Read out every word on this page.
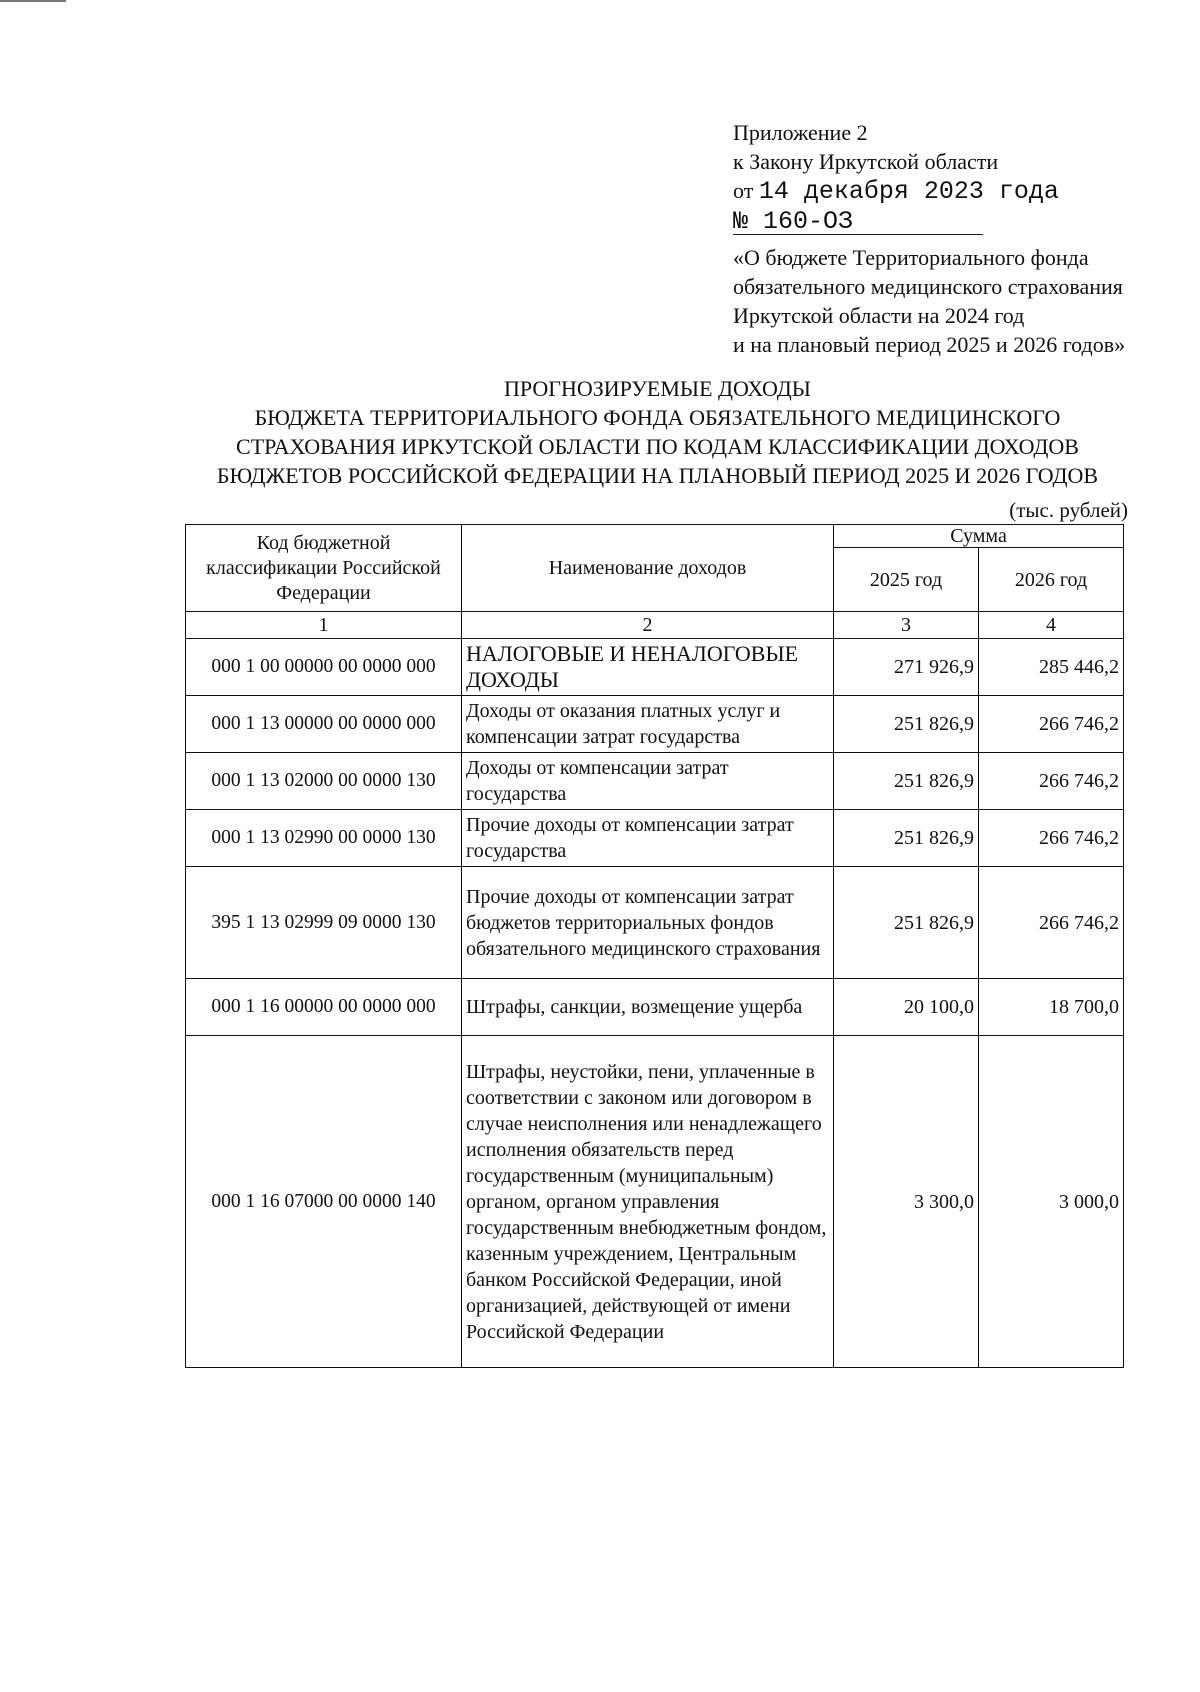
Приложение 2
к Закону Иркутской области
от 14 декабря 2023 года
№ 160-ОЗ
«О бюджете Территориального фонда
обязательного медицинского страхования
Иркутской области на 2024 год
и на плановый период 2025 и 2026 годов»
ПРОГНОЗИРУЕМЫЕ ДОХОДЫ
БЮДЖЕТА ТЕРРИТОРИАЛЬНОГО ФОНДА ОБЯЗАТЕЛЬНОГО МЕДИЦИНСКОГО
СТРАХОВАНИЯ ИРКУТСКОЙ ОБЛАСТИ ПО КОДАМ КЛАССИФИКАЦИИ ДОХОДОВ
БЮДЖЕТОВ РОССИЙСКОЙ ФЕДЕРАЦИИ НА ПЛАНОВЫЙ ПЕРИОД 2025 И 2026 ГОДОВ
(тыс. рублей)
Код бюджетной классификации Российской Федерации	Наименование доходов	Сумма	
		2025 год	2026 год
1	2	3	4
000 1 00 00000 00 0000 000	НАЛОГОВЫЕ И НЕНАЛОГОВЫЕ ДОХОДЫ	271 926,9	285 446,2
000 1 13 00000 00 0000 000	Доходы от оказания платных услуг и компенсации затрат государства	251 826,9	266 746,2
000 1 13 02000 00 0000 130	Доходы от компенсации затрат государства	251 826,9	266 746,2
000 1 13 02990 00 0000 130	Прочие доходы от компенсации затрат государства	251 826,9	266 746,2
395 1 13 02999 09 0000 130	Прочие доходы от компенсации затрат бюджетов территориальных фондов обязательного медицинского страхования	251 826,9	266 746,2
000 1 16 00000 00 0000 000	Штрафы, санкции, возмещение ущерба	20 100,0	18 700,0
000 1 16 07000 00 0000 140	Штрафы, неустойки, пени, уплаченные в соответствии с законом или договором в случае неисполнения или ненадлежащего исполнения обязательств перед государственным (муниципальным) органом, органом управления государственным внебюджетным фондом, казенным учреждением, Центральным банком Российской Федерации, иной организацией, действующей от имени Российской Федерации	3 300,0	3 000,0
